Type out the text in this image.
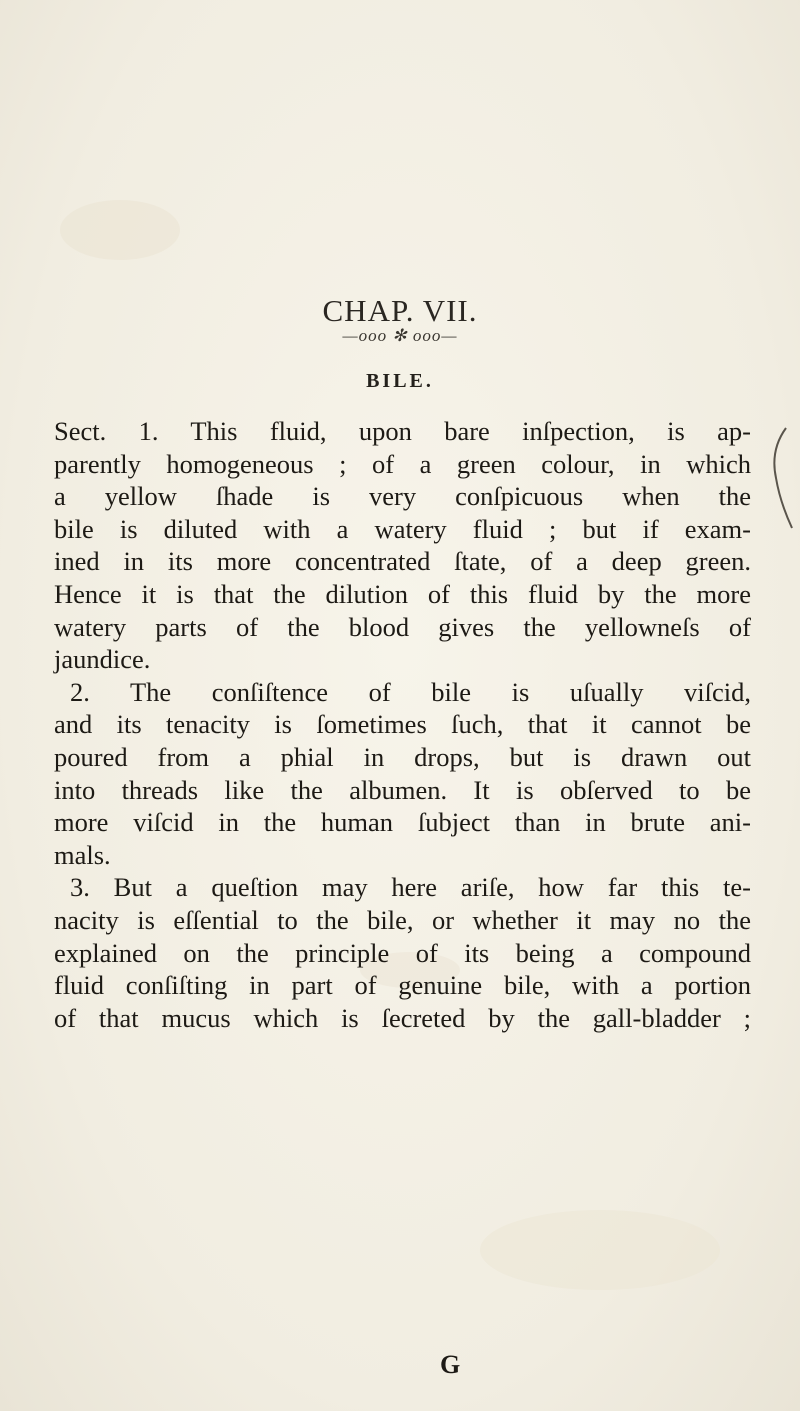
CHAP. VII.
—ooo ✻ ooo—
BILE.
Sect. 1. This fluid, upon bare inſpection, is ap-
parently homogeneous ; of a green colour, in which
a yellow ſhade is very conſpicuous when the
bile is diluted with a watery fluid ; but if exam-
ined in its more concentrated ſtate, of a deep green.
Hence it is that the dilution of this fluid by the more
watery parts of the blood gives the yellowneſs of
jaundice.
2. The conſiſtence of bile is uſually viſcid,
and its tenacity is ſometimes ſuch, that it cannot be
poured from a phial in drops, but is drawn out
into threads like the albumen. It is obſerved to be
more viſcid in the human ſubject than in brute ani-
mals.
3. But a queſtion may here ariſe, how far this te-
nacity is eſſential to the bile, or whether it may no the
explained on the principle of its being a compound
fluid conſiſting in part of genuine bile, with a portion
of that mucus which is ſecreted by the gall-bladder ;
G
